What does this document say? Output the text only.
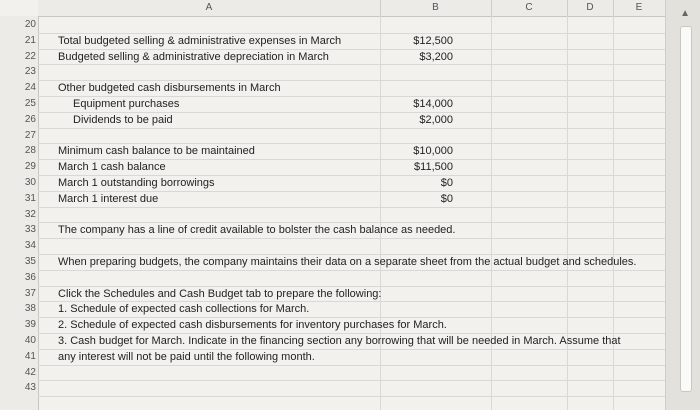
A	B	C	D	E
20
21 Total budgeted selling & administrative expenses in March	$12,500
22 Budgeted selling & administrative depreciation in March	$3,200
23
24 Other budgeted cash disbursements in March
25	Equipment purchases	$14,000
26	Dividends to be paid	$2,000
27
28 Minimum cash balance to be maintained	$10,000
29 March 1 cash balance	$11,500
30 March 1 outstanding borrowings	$0
31 March 1 interest due	$0
32
33 The company has a line of credit available to bolster the cash balance as needed.
34
35 When preparing budgets, the company maintains their data on a separate sheet from the actual budget and schedules.
36
37 Click the Schedules and Cash Budget tab to prepare the following:
38 1. Schedule of expected cash collections for March.
39 2. Schedule of expected cash disbursements for inventory purchases for March.
40 3. Cash budget for March. Indicate in the financing section any borrowing that will be needed in March. Assume that
41 any interest will not be paid until the following month.
42
43
▲
